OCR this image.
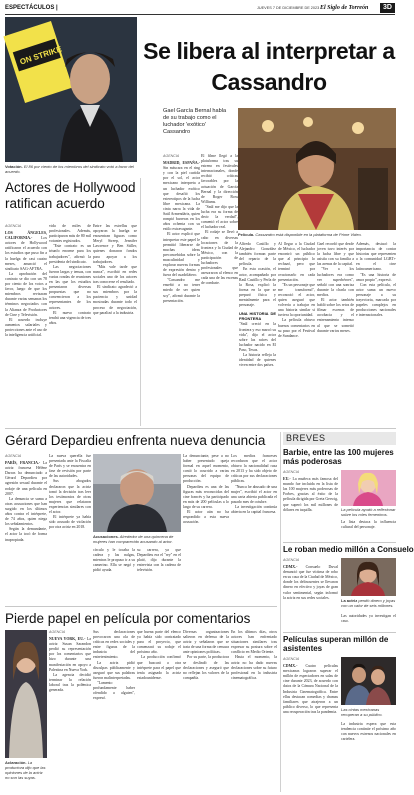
ESPECTÁCULOS |	JUEVES 7 DE DICIEMBRE DE 2023 El Siglo de Torreón	3D
ON STRIKE
Votación. El 86 por ciento de los miembros del sindicato votó a favor del acuerdo.
Actores de Hollywood ratifican acuerdo
Se libera al interpretar a Cassandro
Gael García Bernal habla de su trabajo como el luchador 'exótico' Cassandro
Película. Cassandro está disponible en la plataforma de Prime Video.
AGENCIA

MADRID, ESPAÑA.- Sin máscara en el ring y con la piel curtida por el sol, el actor mexicano interpreta a un luchador exótico que desafió los estereotipos de la lucha libre mexicana. La cinta narra la vida de Saúl Armendáriz, quien rompió barreras en los años ochenta con su estilo extravagante.

El actor explicó que interpretar este papel le permitió liberarse de muchas ideas preconcebidas sobre la masculinidad y explorar nuevas formas de expresión dentro y fuera del cuadrilátero.

"Cassandro me enseñó a no tener miedo de ser quien soy", afirmó durante la presentación.

El filme llegó a la plataforma tras su estreno en festivales internacionales, donde recibió críticas favorables por la actuación de García Bernal y la dirección de Roger Ross Williams.

"Saúl me dijo que la lucha era su forma de decir la verdad", comentó el actor sobre el luchador real.

El rodaje se llevó a cabo en diversas locaciones de la frontera y la Ciudad de México, con la participación de luchadores profesionales que asesoraron al elenco en cada una de las escenas de combate.

Alfredo Castillo y Alejandro González también forman parte del reparto de la película.

En esta ocasión, el actor, acompañado por Raúl Castillo y Perla de la Rosa, explicó la forma en la que se preparó física y mentalmente para el personaje.

UNA HISTORIA DE FRONTERA

"Saúl creció en la frontera y eso marcó su vida", dijo el actor sobre las raíces del luchador nacido en El Paso, Texas.

La historia refleja la identidad de quienes viven entre dos países.

Al llegar a la Ciudad de México, el luchador encontró un público que al principio lo rechazó, pero que terminó por ovacionarlo en cada presentación.

"Es un personaje que me transformó", reconoció el actor, quien aseguró que volvería a trabajar en una historia similar si tuviera la oportunidad.

La película obtuvo buenos comentarios en su paso por el Festival de Sundance.

Gael recordó que desde joven tuvo interés por la lucha libre y que asistía con su familia a las arenas de la capital.

"Ver a los luchadores era como ver superhéroes", señaló con una sonrisa durante la charla con medios.

El actor también habló sobre los retos de filmar escenas de acrobacia y el entrenamiento intenso al que se sometió durante varios meses.

Además, destacó la importancia de contar historias que representen a la comunidad LGBT+ en el cine latinoamericano.

"Es una historia de amor propio", expresó.

Con esta película, el actor suma un nuevo personaje a su trayectoria, marcada por papeles complejos en producciones nacionales e internacionales.

AGENCIA

LOS ÁNGELES, CALIFORNIA.- Los actores de Hollywood ratificaron el acuerdo con los estudios que puso fin a la huelga de casi cuatro meses, anunció el sindicato SAG-AFTRA.

La aprobación del contrato se dio con un 78 por ciento de los votos a favor, luego de que los miembros revisaran durante varias semanas los términos negociados con la Alianza de Productores de Cine y Televisión.

El acuerdo incluye aumentos salariales y protecciones ante el uso de la inteligencia artificial.

vida de miles de profesionales. Además, participaron más de 80 mil votantes registrados.

"Este contrato es un triunfo enorme para los trabajadores", afirmó la presidenta del sindicato.

Las negociaciones fueron largas y tensas, con varias rondas de reuniones en las que los estudios presentaron diversas propuestas que no convencieron a los representantes de los actores.

El nuevo contrato tendrá una vigencia de tres años.

Entre las estrellas que apoyaron la huelga se encuentran figuras como Meryl Streep, Jennifer Lawrence y Ben Stiller, quienes donaron fondos para apoyar a los trabajadores.

"Más vale tarde que nunca", escribió en redes sociales uno de los actores tras conocerse el resultado.

El sindicato agradeció a sus miembros por la paciencia y unidad mostradas durante todo el proceso de negociación, que paralizó a la industria.

Gérard Depardieu enfrenta nueva denuncia
AGENCIA

PARÍS, FRANCIA.- La actriz francesa Hélène Darras ha denunciado a Gérard Depardieu por agresión sexual durante el rodaje de una película en 2007.

La denuncia se suma a otras acusaciones que han surgido en los últimos años contra el intérprete, de 74 años, quien niega los señalamientos.

Según la demandante, el actor la tocó de forma inapropiada.

La nueva querella fue presentada ante la Fiscalía de París y se encuentra en fase de revisión por parte de las autoridades.

Sus abogados declararon que la actriz tomó la decisión tras leer los testimonios de otras mujeres que relataron experiencias similares con el actor.

El intérprete ya había sido acusado de violación por otra actriz en 2018.

Acusaciones. Alrededor de una quincena de mujeres han comparecido acusando al actor.

círculo y le tocaba la cadera y las nalgas, mientras le propuso ir a su camerino. Ella se negó y pidió ayuda.

su carrera, ya que Depardieu era el "rey" en el plató, dijo durante la entrevista con la cadena de televisión.

La denunciante, pese a no haber presentado queja formal en aquel momento, contó lo ocurrido a varias personas del equipo de producción.

Depardieu es una de las figuras más reconocidas del cine francés y ha participado en más de 200 películas a lo largo de su carrera.

El actor aún no ha respondido a esta nueva acusación.

Los medios franceses recordaron que el actor obtuvo la nacionalidad rusa en 2013 y ha sido objeto de críticas por sus declaraciones públicas.

"Nunca he abusado de una mujer", escribió el actor en una carta abierta publicada el pasado mes de octubre.

La investigación continúa abierta en la capital francesa.

Pierde papel en película por comentarios
Aclaración. La productora dijo que las opiniones de la actriz no son las suyas.
AGENCIA

NUEVA YORK, EU.- La actriz Susan Sarandon perdió su representación por los comentarios que hizo durante una manifestación en apoyo a Palestina en Nueva York.

La agencia decidió terminar la relación laboral tras la polémica generada.

Sus declaraciones provocaron una ola de críticas en redes sociales y entre figuras de la industria del entretenimiento.

La actriz pidió disculpas públicamente y aseguró que sus palabras fueron malinterpretadas.

"Lamento profundamente haber ofendido a alguien", expresó.

que buena parte del elenco ya había sido contratado para el proyecto, que comenzará su rodaje el próximo año.

La producción confirmó que buscará a otra intérprete para el papel que tenía asignado la actriz estadounidense.

Diversas organizaciones salieron en defensa de la actriz y señalaron que se trata de una forma de censura ante opiniones políticas.

Por su parte, la productora se deslindó de las declaraciones y aseguró que no reflejan los valores de la compañía.

En los últimos días, otros actores han enfrentado situaciones similares tras expresar su postura sobre el conflicto en Medio Oriente.

Hasta el momento, la actriz no ha dado nuevas declaraciones sobre su futuro profesional en la industria cinematográfica.

BREVES
Barbie, entre las 100 mujeres más poderosas
AGENCIA

EU.- La muñeca más famosa del mundo fue incluida en la lista de las 100 mujeres más poderosas de Forbes, gracias al éxito de la película dirigida por Greta Gerwig, que superó los mil millones de dólares en taquilla.	La película ayudó a reflexionar sobre los roles femeninos.

La lista destaca la influencia cultural del personaje.

Le roban medio millón a Consuelo
AGENCIA

CDMX.- Consuelo Duval denunció que fue víctima de robo en su casa de la Ciudad de México, donde los delincuentes se llevaron dinero en efectivo y joyas de gran valor sentimental, según informó la actriz en sus redes sociales.

La actriz perdió dinero y joyas con un valor de seis millones.

Las autoridades ya investigan el caso.

Películas superan millón de asistentes
AGENCIA

CDMX.- Cuatro películas mexicanas lograron superar el millón de espectadores en salas de cine durante 2023, de acuerdo con datos de la Cámara Nacional de la Industria Cinematográfica. Entre ellas destacan comedias y dramas familiares que atrajeron a un público diverso, lo que representa una recuperación tras la pandemia. Las cintas mexicanas recuperan a su público.

La industria espera que esta tendencia continúe el próximo año con nuevos estrenos nacionales en cartelera.
